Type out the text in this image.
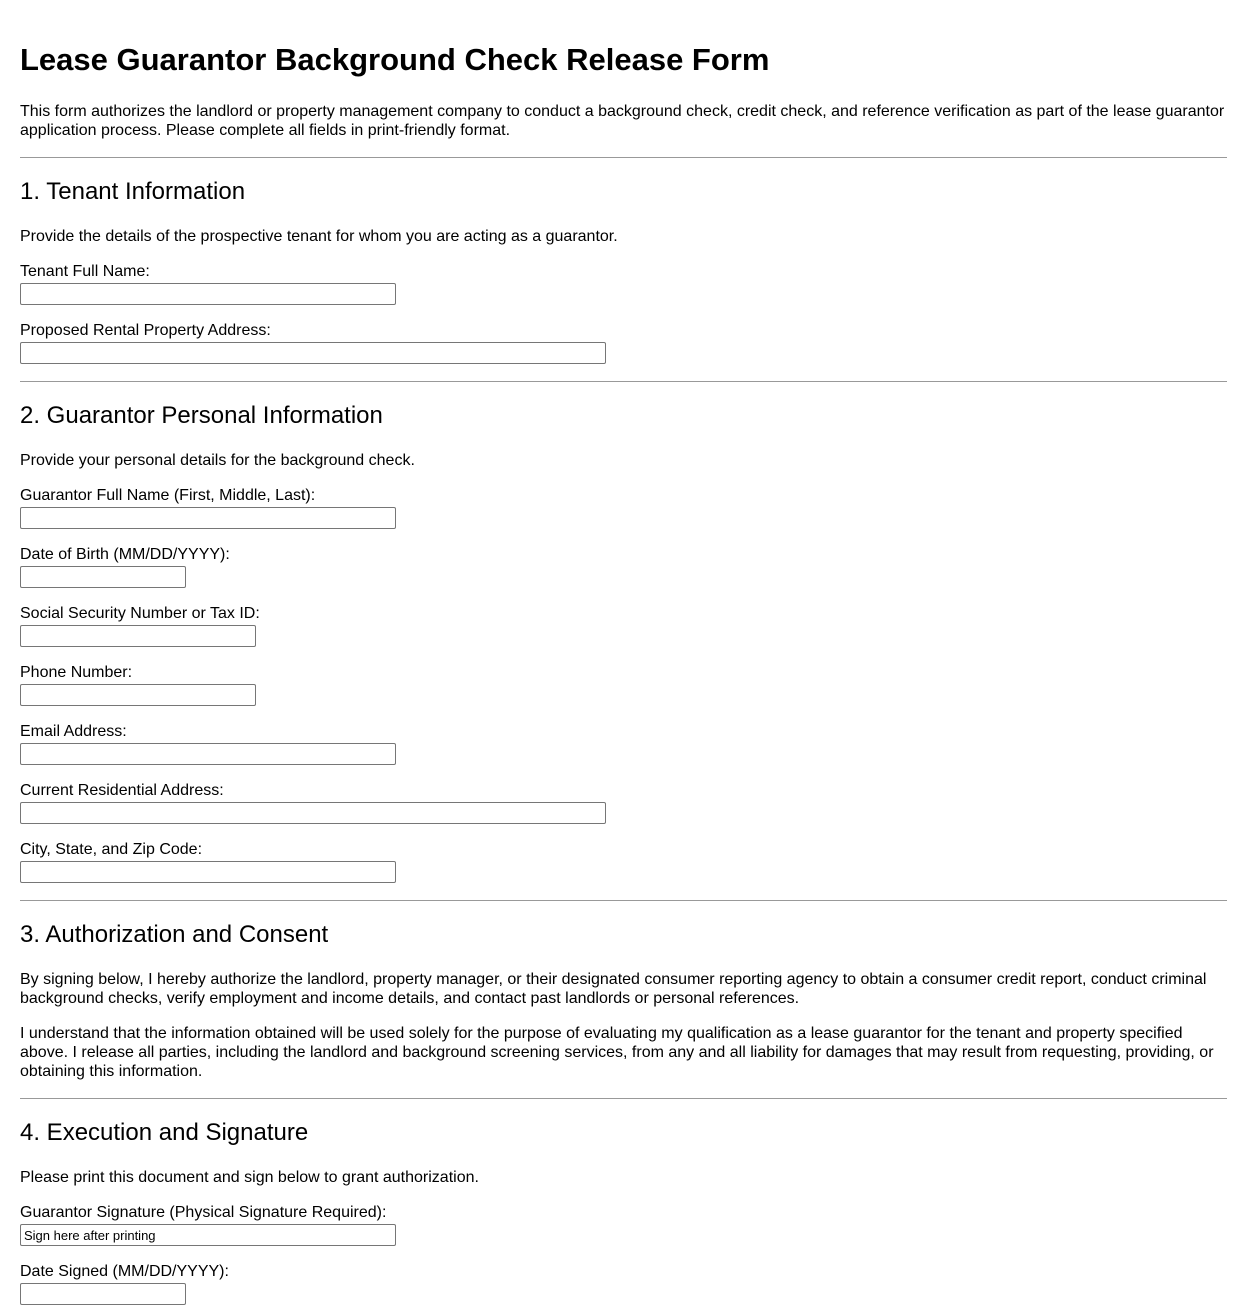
Lease Guarantor Background Check Release Form

This form authorizes the landlord or property management company to conduct a background check, credit check, and reference verification as part of the lease guarantor application process. Please complete all fields in print-friendly format.

1. Tenant Information

Provide the details of the prospective tenant for whom you are acting as a guarantor.

Tenant Full Name:
Proposed Rental Property Address:
2. Guarantor Personal Information

Provide your personal details for the background check.

Guarantor Full Name (First, Middle, Last):
Date of Birth (MM/DD/YYYY):
Social Security Number or Tax ID:
Phone Number:
Email Address:
Current Residential Address:
City, State, and Zip Code:
3. Authorization and Consent

By signing below, I hereby authorize the landlord, property manager, or their designated consumer reporting agency to obtain a consumer credit report, conduct criminal background checks, verify employment and income details, and contact past landlords or personal references.

I understand that the information obtained will be used solely for the purpose of evaluating my qualification as a lease guarantor for the tenant and property specified above. I release all parties, including the landlord and background screening services, from any and all liability for damages that may result from requesting, providing, or obtaining this information.

4. Execution and Signature

Please print this document and sign below to grant authorization.

Guarantor Signature (Physical Signature Required):
Sign here after printing
Date Signed (MM/DD/YYYY):
